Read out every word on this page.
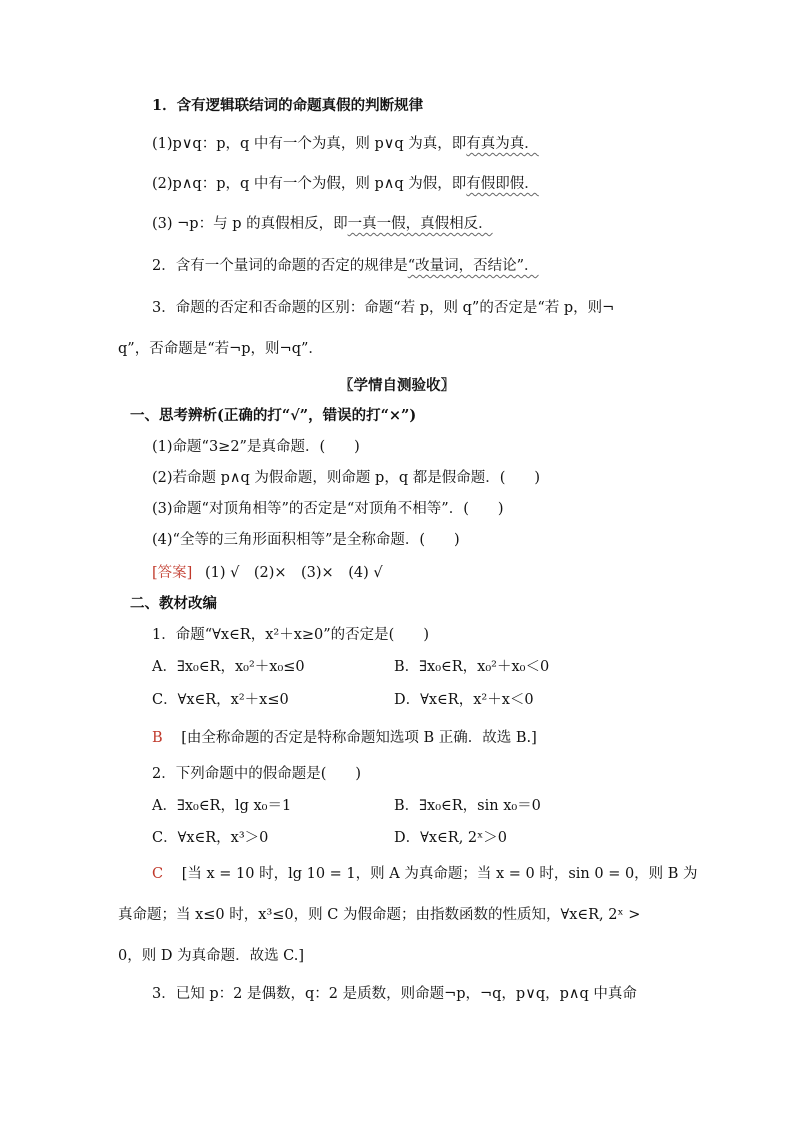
1．含有逻辑联结词的命题真假的判断规律
(1)p∨q：p，q 中有一个为真，则 p∨q 为真，即有真为真．
(2)p∧q：p，q 中有一个为假，则 p∧q 为假，即有假即假．
(3) ¬p：与 p 的真假相反，即一真一假，真假相反．
2．含有一个量词的命题的否定的规律是“改量词，否结论”．
3．命题的否定和否命题的区别：命题“若 p，则 q”的否定是“若 p，则¬
q”，否命题是“若¬p，则¬q”．
〖学情自测验收〗
一、思考辨析(正确的打“√”，错误的打“×”)
(1)命题“3≥2”是真命题．(　　)
(2)若命题 p∧q 为假命题，则命题 p，q 都是假命题．(　　)
(3)命题“对顶角相等”的否定是“对顶角不相等”．(　　)
(4)“全等的三角形面积相等”是全称命题．(　　)
[答案] (1) √　(2)×　(3)×　(4) √
二、教材改编
1．命题“∀x∈R，x²＋x≥0”的否定是(　　)
A．∃x₀∈R，x₀²＋x₀≤0	B．∃x₀∈R，x₀²＋x₀＜0
C．∀x∈R，x²＋x≤0	D．∀x∈R，x²＋x＜0
B [由全称命题的否定是特称命题知选项 B 正确．故选 B.]
2．下列命题中的假命题是(　　)
A．∃x₀∈R，lg x₀＝1	B．∃x₀∈R，sin x₀＝0
C．∀x∈R，x³＞0	D．∀x∈R, 2ˣ＞0
C [当 x = 10 时，lg 10 = 1，则 A 为真命题；当 x = 0 时，sin 0 = 0，则 B 为
真命题；当 x≤0 时，x³≤0，则 C 为假命题；由指数函数的性质知，∀x∈R, 2ˣ >
0，则 D 为真命题．故选 C.]
3．已知 p：2 是偶数，q：2 是质数，则命题¬p，¬q，p∨q，p∧q 中真命
